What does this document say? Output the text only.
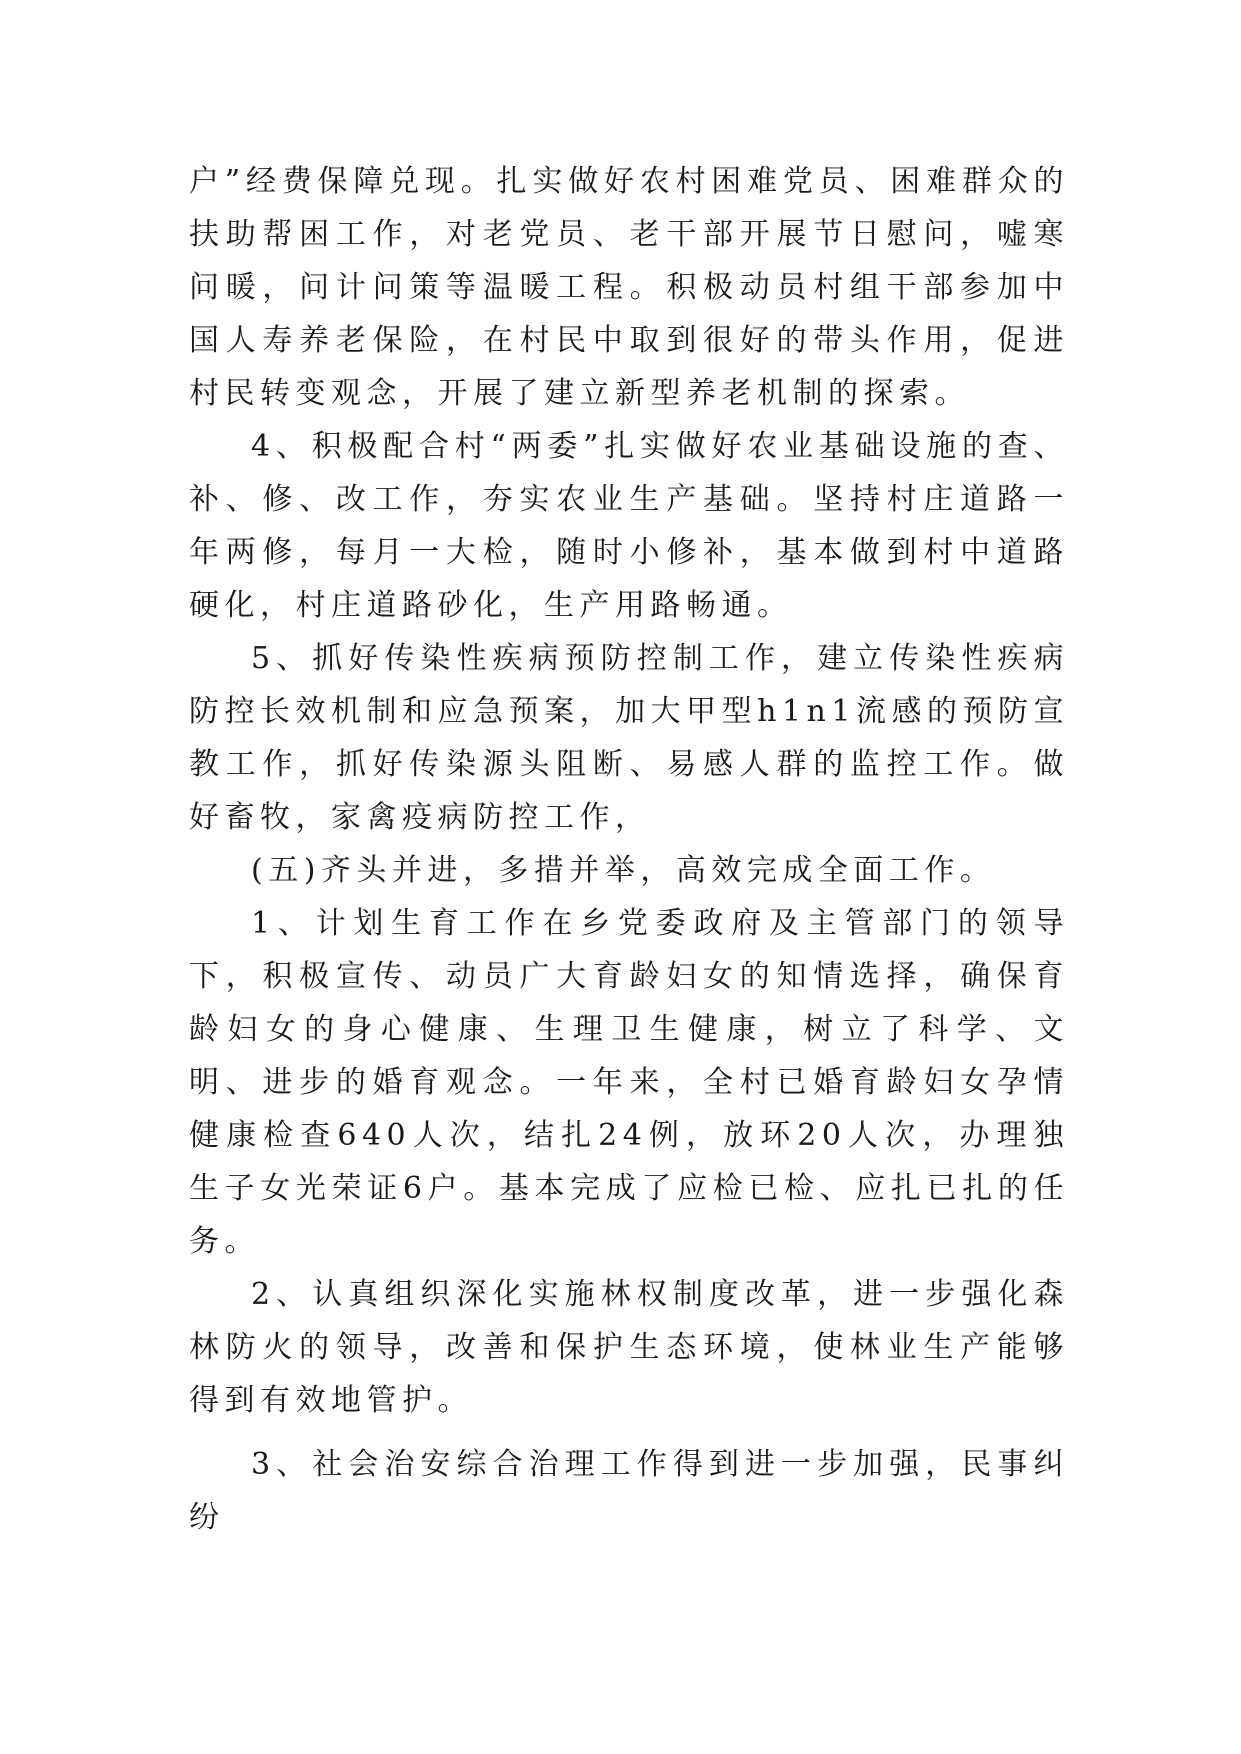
户”经费保障兑现。扎实做好农村困难党员、困难群众的扶助帮困工作，对老党员、老干部开展节日慰问，嘘寒问暖，问计问策等温暖工程。积极动员村组干部参加中国人寿养老保险，在村民中取到很好的带头作用，促进村民转变观念，开展了建立新型养老机制的探索。

4、积极配合村“两委”扎实做好农业基础设施的查、补、修、改工作，夯实农业生产基础。坚持村庄道路一年两修，每月一大检，随时小修补，基本做到村中道路硬化，村庄道路砂化，生产用路畅通。

5、抓好传染性疾病预防控制工作，建立传染性疾病防控长效机制和应急预案，加大甲型h1n1流感的预防宣教工作，抓好传染源头阻断、易感人群的监控工作。做好畜牧，家禽疫病防控工作，

(五)齐头并进，多措并举，高效完成全面工作。

1、计划生育工作在乡党委政府及主管部门的领导下，积极宣传、动员广大育龄妇女的知情选择，确保育龄妇女的身心健康、生理卫生健康，树立了科学、文明、进步的婚育观念。一年来，全村已婚育龄妇女孕情健康检查640人次，结扎24例，放环20人次，办理独生子女光荣证6户。基本完成了应检已检、应扎已扎的任务。

2、认真组织深化实施林权制度改革，进一步强化森林防火的领导，改善和保护生态环境，使林业生产能够得到有效地管护。

3、社会治安综合治理工作得到进一步加强，民事纠纷
